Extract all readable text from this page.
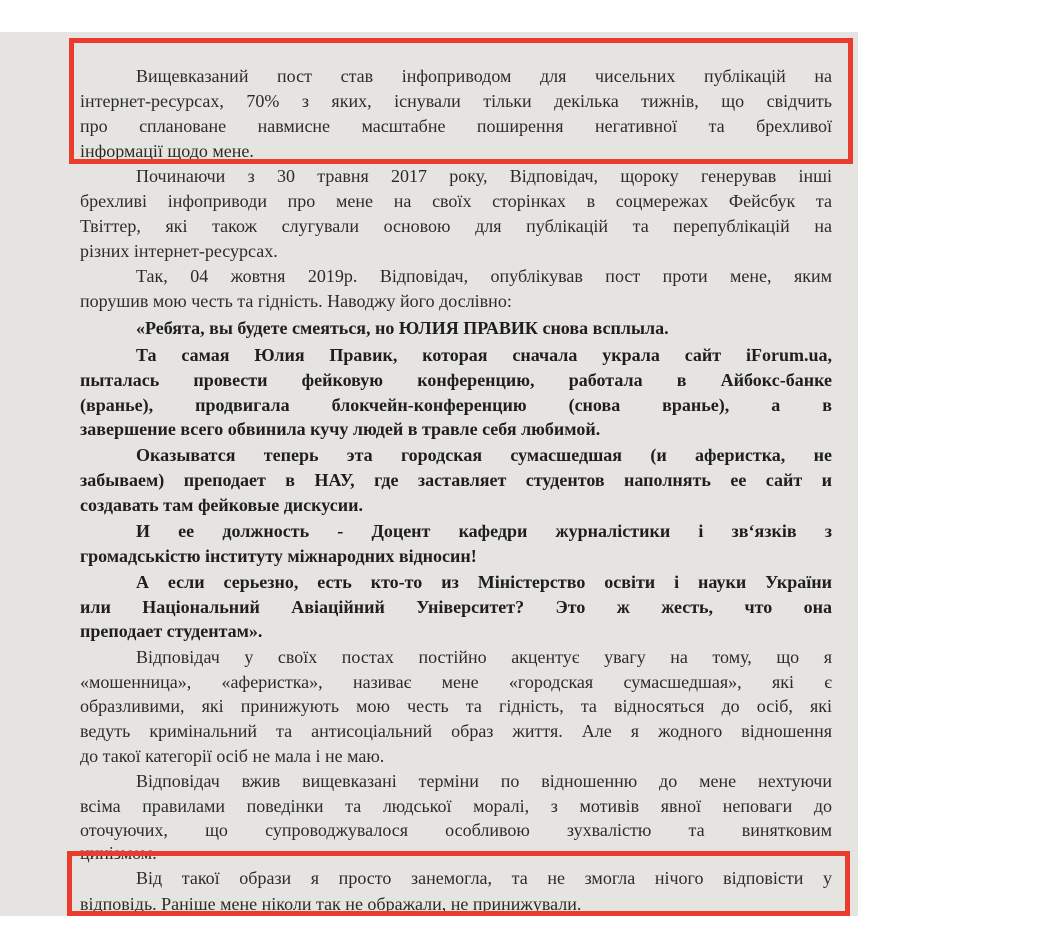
Вищевказаний пост став інфоприводом для чисельних публікацій на
інтернет-ресурсах, 70% з яких, існували тільки декілька тижнів, що свідчить
про сплановане навмисне масштабне поширення негативної та брехливої
інформації щодо мене.
Починаючи з 30 травня 2017 року, Відповідач, щороку генерував інші
брехливі інфоприводи про мене на своїх сторінках в соцмережах Фейсбук та
Твіттер, які також слугували основою для публікацій та перепублікацій на
різних інтернет-ресурсах.
Так, 04 жовтня 2019р. Відповідач, опублікував пост проти мене, яким
порушив мою честь та гідність. Наводжу його дослівно:
«Ребята, вы будете смеяться, но ЮЛИЯ ПРАВИК снова всплыла.
Та самая Юлия Правик, которая сначала украла сайт iForum.ua,
пыталась провести фейковую конференцию, работала в Айбокс-банке
(вранье), продвигала блокчейн-конференцию (снова вранье), а в
завершение всего обвинила кучу людей в травле себя любимой.
Оказыватся теперь эта городская сумасшедшая (и аферистка, не
забываем) преподает в НАУ, где заставляет студентов наполнять ее сайт и
создавать там фейковые дискусии.
И ее должность - Доцент кафедри журналістики і зв‘язків з
громадськістю інституту міжнародних відносин!
А если серьезно, есть кто-то из Міністерство освіти і науки України
или Національний Авіаційний Університет? Это ж жесть, что она
преподает студентам».
Відповідач у своїх постах постійно акцентує увагу на тому, що я
«мошенница», «аферистка», називає мене «городская сумасшедшая», які є
образливими, які принижують мою честь та гідність, та відносяться до осіб, які
ведуть кримінальний та антисоціальний образ життя. Але я жодного відношення
до такої категорії осіб не мала і не маю.
Відповідач вжив вищевказані терміни по відношенню до мене нехтуючи
всіма правилами поведінки та людської моралі, з мотивів явної неповаги до
оточуючих, що супроводжувалося особливою зухвалістю та винятковим
цинізмом.
Від такої образи я просто занемогла, та не змогла нічого відповісти у
відповідь. Раніше мене ніколи так не ображали, не принижували.
